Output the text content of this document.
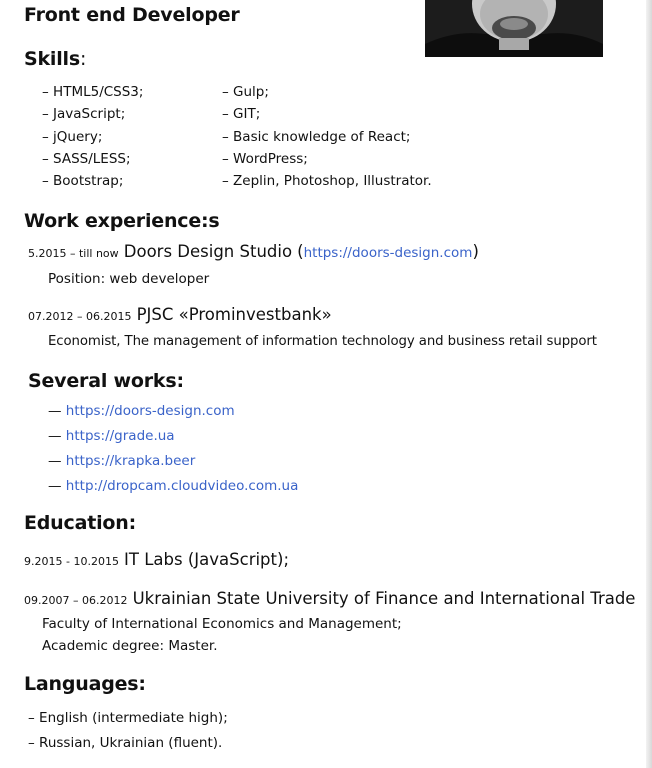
Front end Developer
Skills:
– HTML5/CSS3;
– JavaScript;
– jQuery;
– SASS/LESS;
– Bootstrap;
– Gulp;
– GIT;
– Basic knowledge of React;
– WordPress;
– Zeplin, Photoshop, Illustrator.
Work experience:s
5.2015 – till now Doors Design Studio (https://doors-design.com)
Position: web developer
07.2012 – 06.2015 PJSC «Prominvestbank»
Economist, The management of information technology and business retail support
Several works:
— https://doors-design.com
— https://grade.ua
— https://krapka.beer
— http://dropcam.cloudvideo.com.ua
Education:
9.2015 - 10.2015 IT Labs (JavaScript);
09.2007 – 06.2012 Ukrainian State University of Finance and International Trade
Faculty of International Economics and Management;
Academic degree: Master.
Languages:
– English (intermediate high);
– Russian, Ukrainian (fluent).
